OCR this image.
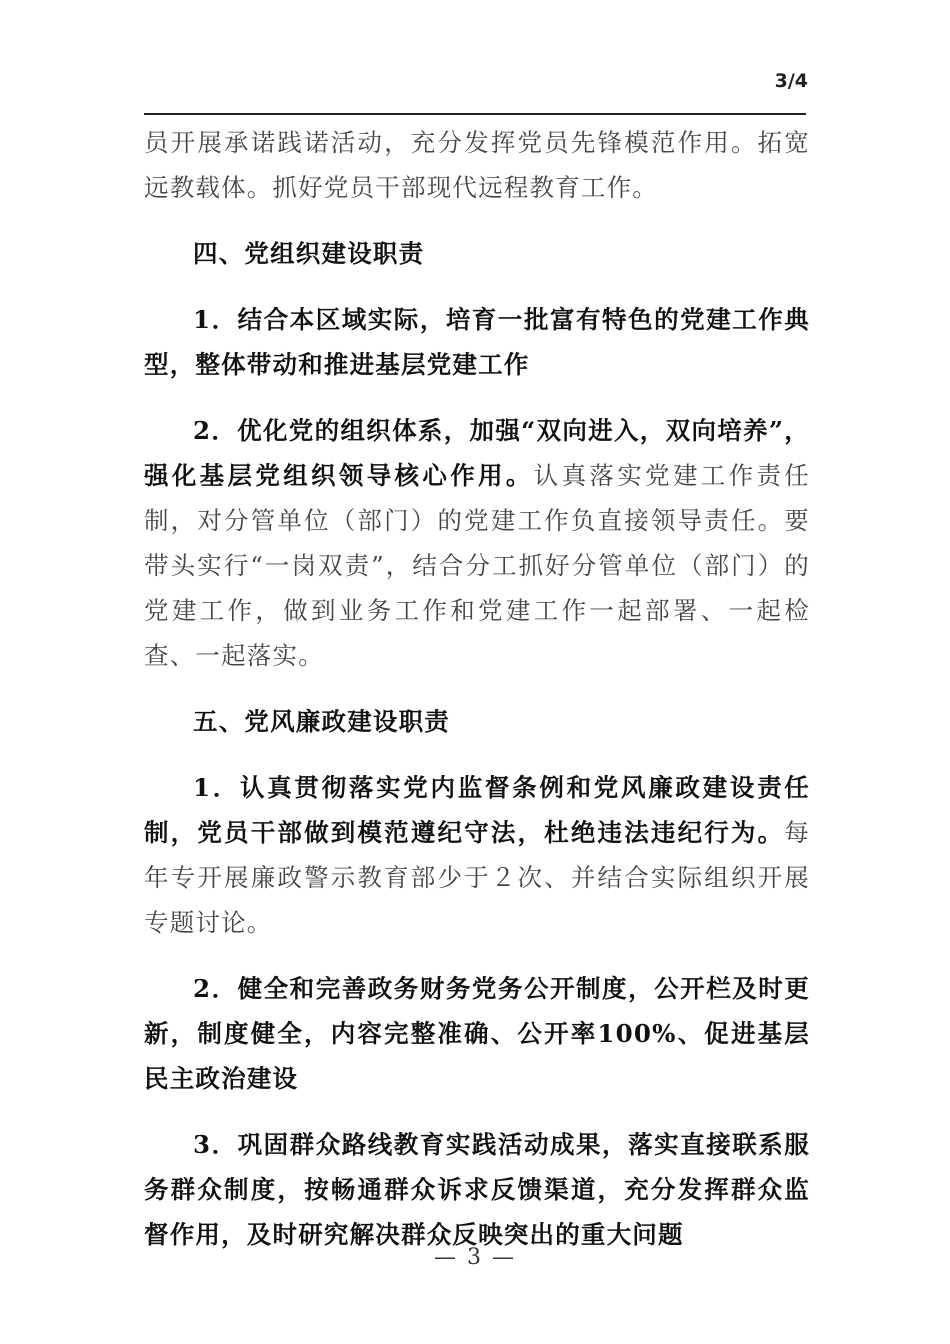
3/4

员开展承诺践诺活动，充分发挥党员先锋模范作用。拓宽远教载体。抓好党员干部现代远程教育工作。

四、党组织建设职责

1．结合本区域实际，培育一批富有特色的党建工作典型，整体带动和推进基层党建工作

2．优化党的组织体系，加强“双向进入，双向培养”，强化基层党组织领导核心作用。认真落实党建工作责任制，对分管单位（部门）的党建工作负直接领导责任。要带头实行“一岗双责”，结合分工抓好分管单位（部门）的党建工作，做到业务工作和党建工作一起部署、一起检查、一起落实。

五、党风廉政建设职责

1．认真贯彻落实党内监督条例和党风廉政建设责任制，党员干部做到模范遵纪守法，杜绝违法违纪行为。每年专开展廉政警示教育部少于２次、并结合实际组织开展专题讨论。

2．健全和完善政务财务党务公开制度，公开栏及时更新，制度健全，内容完整准确、公开率100%、促进基层民主政治建设

3．巩固群众路线教育实践活动成果，落实直接联系服务群众制度，按畅通群众诉求反馈渠道，充分发挥群众监督作用，及时研究解决群众反映突出的重大问题

— 3 —
